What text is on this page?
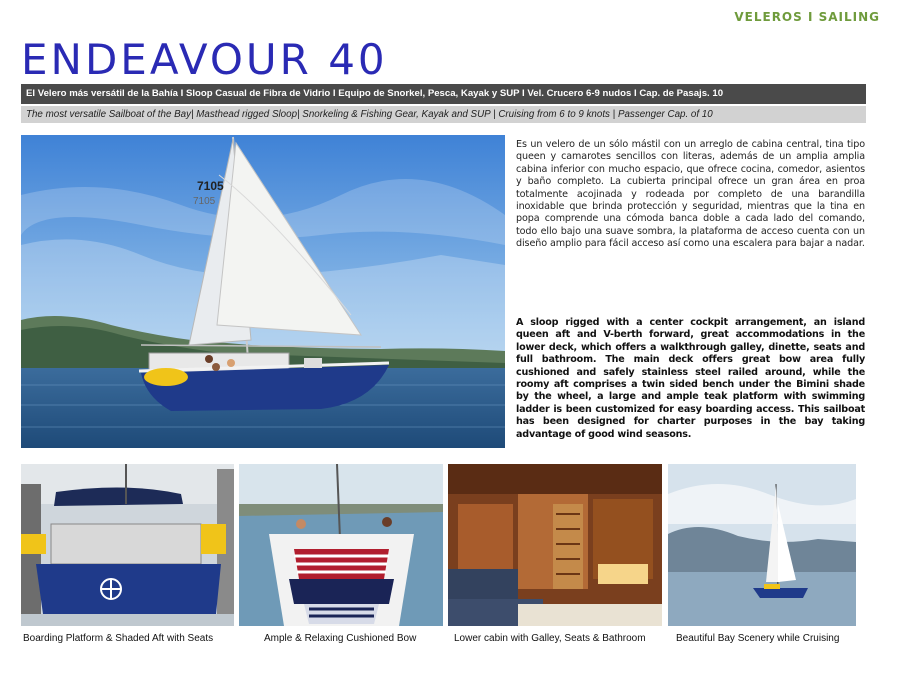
VELEROS I SAILING
ENDEAVOUR 40
El Velero más versátil de la Bahía I Sloop Casual de Fibra de Vidrio I Equipo de Snorkel, Pesca, Kayak y SUP I Vel. Crucero 6-9 nudos I Cap. de Pasajs. 10
The most versatile Sailboat of the Bay| Masthead rigged Sloop| Snorkeling & Fishing Gear, Kayak and SUP | Cruising from 6 to 9 knots | Passenger Cap. of 10
7105
7105

Es un velero de un sólo mástil con un arreglo de cabina central, tina tipo queen y camarotes sencillos con literas, además de un amplia amplia cabina inferior con mucho espacio, que ofrece cocina, comedor, asientos y baño completo. La cubierta principal ofrece un gran área en proa totalmente acojinada y rodeada por completo de una barandilla inoxidable que brinda protección y seguridad, mientras que la tina en popa comprende una cómoda banca doble a cada lado del comando, todo ello bajo una suave sombra, la plataforma de acceso cuenta con un diseño amplio para fácil acceso así como una escalera para bajar a nadar.

A sloop rigged with a center cockpit arrangement, an island queen aft and V-berth forward, great accommodations in the lower deck, which offers a walkthrough galley, dinette, seats and full bathroom. The main deck offers great bow area fully cushioned and safely stainless steel railed around, while the roomy aft comprises a twin sided bench under the Bimini shade by the wheel, a large and ample teak platform with swimming ladder is been customized for easy boarding access. This sailboat has been designed for charter purposes in the bay taking advantage of good wind seasons.

Boarding Platform & Shaded Aft with Seats	Ample & Relaxing Cushioned Bow	Lower cabin with Galley, Seats & Bathroom	Beautiful Bay Scenery while Cruising
